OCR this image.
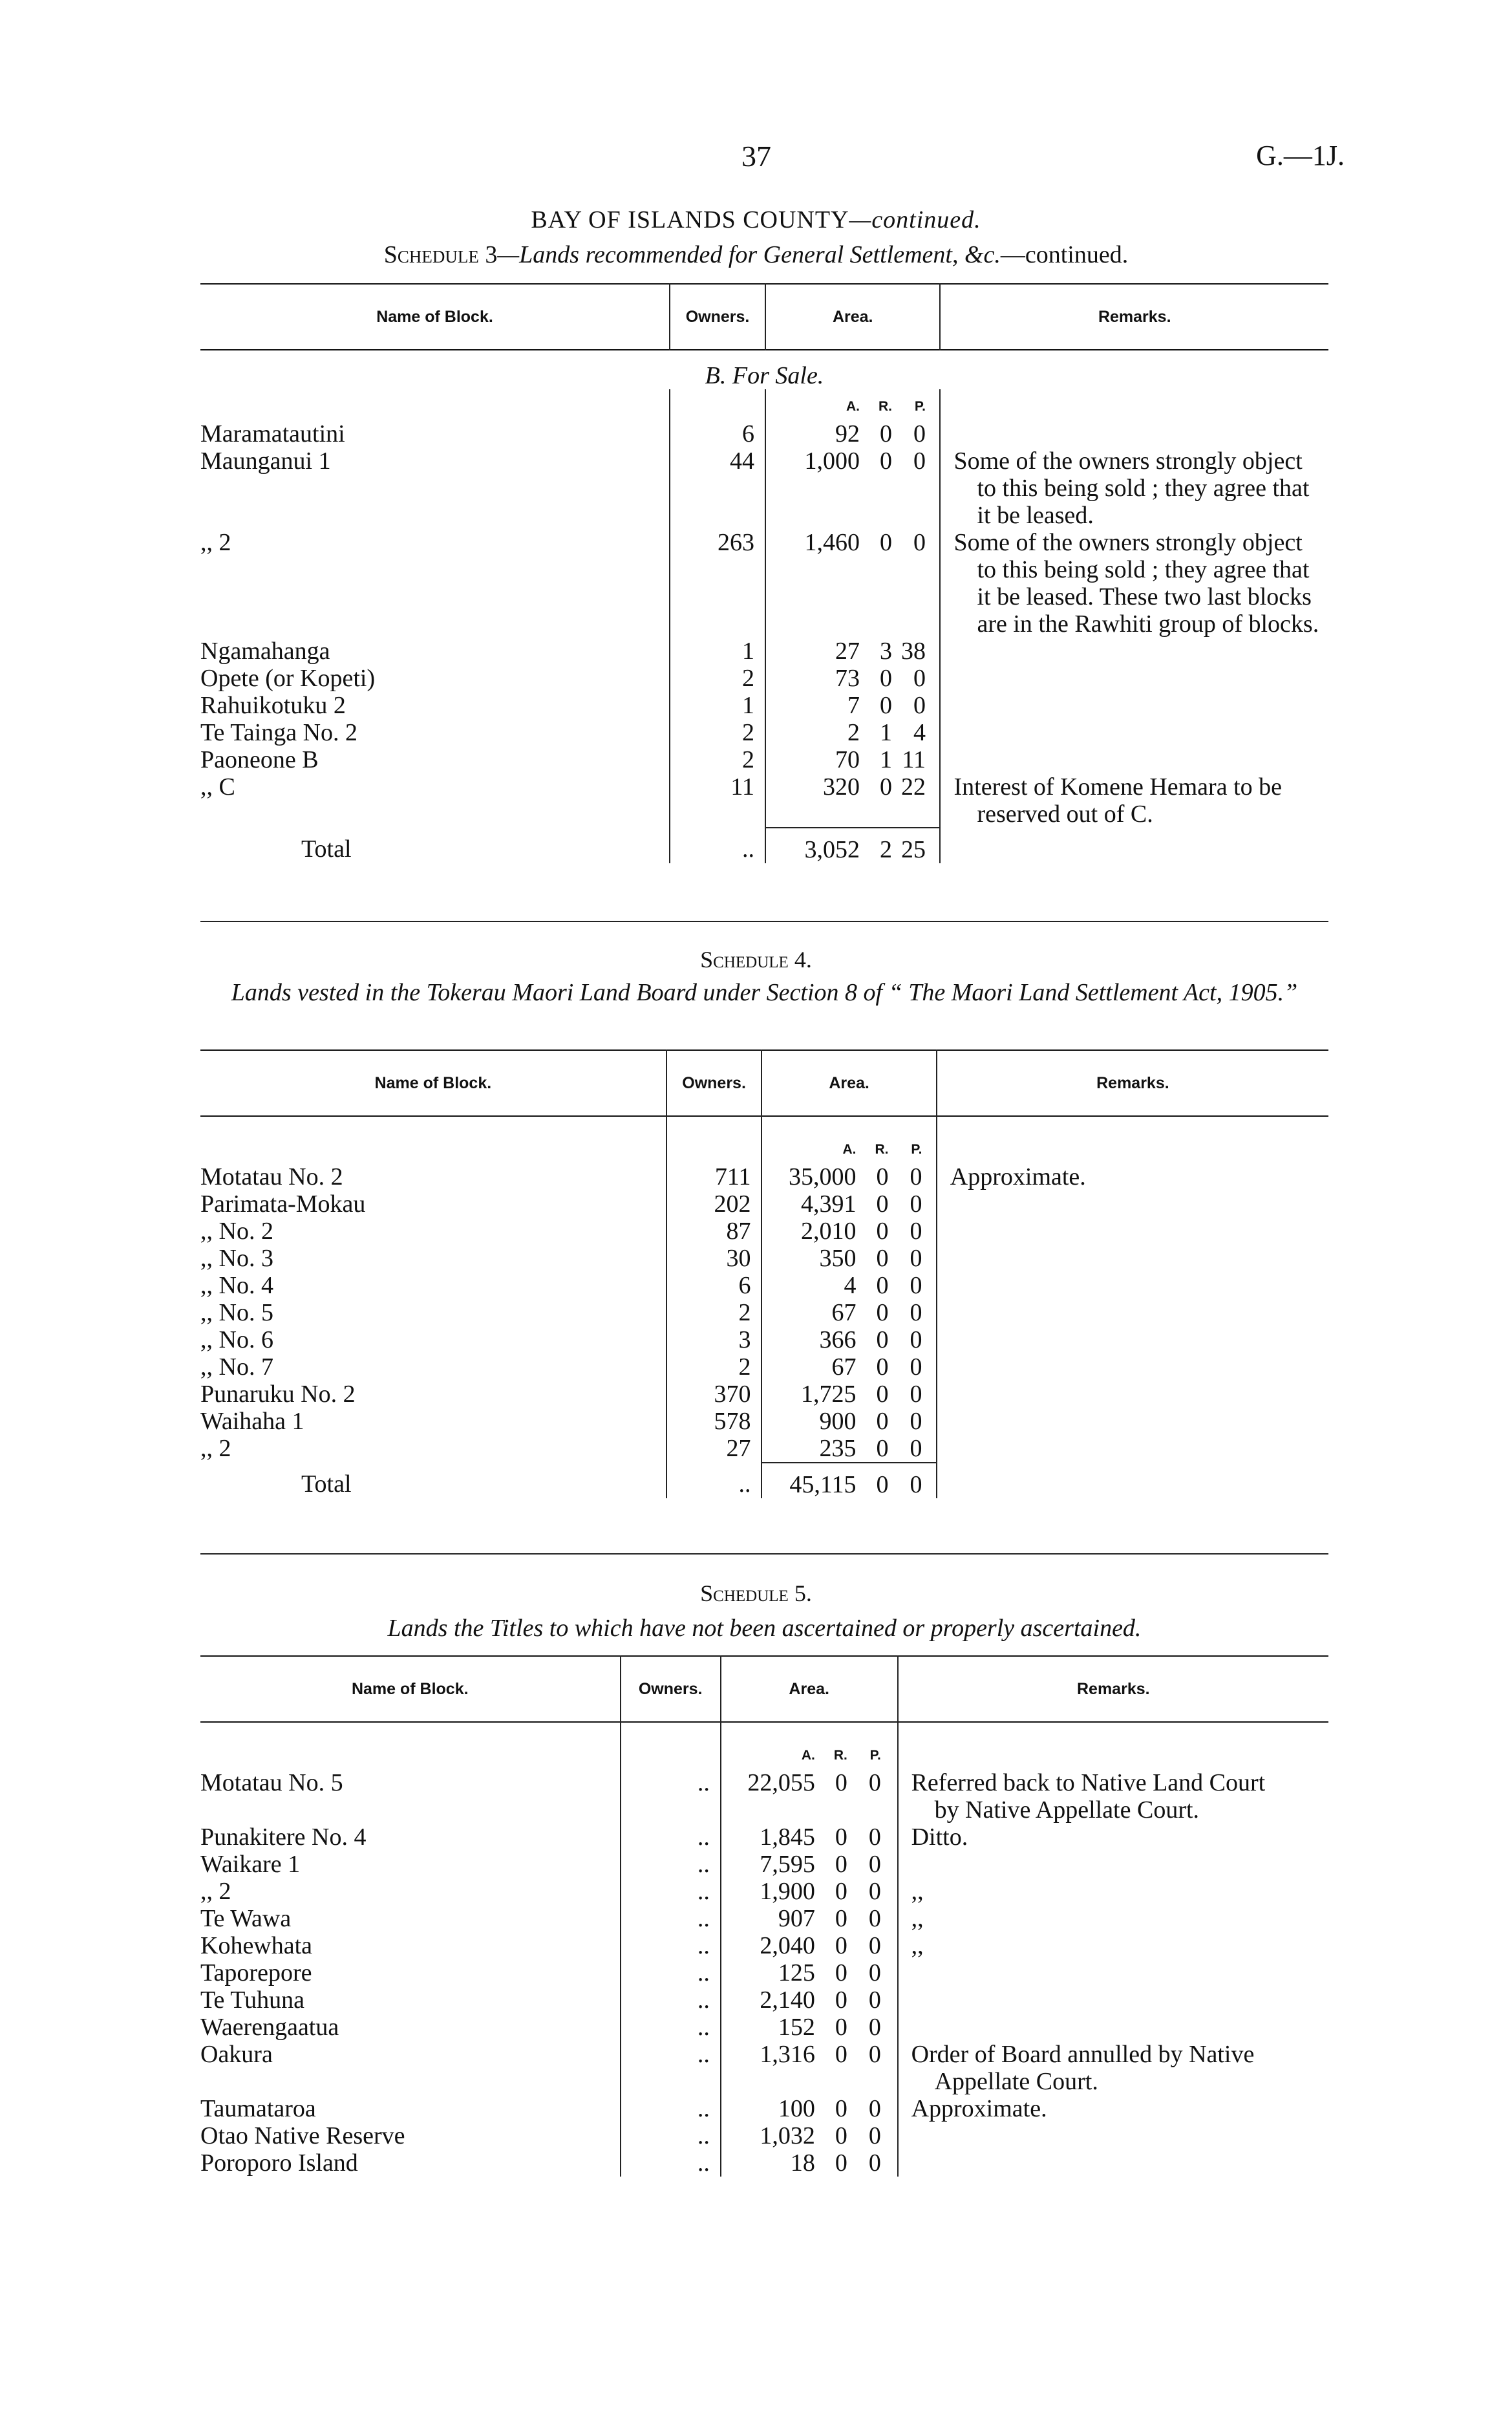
37	G.—1J.
BAY OF ISLANDS COUNTY—continued.
Schedule 3—Lands recommended for General Settlement, &c.—continued.
Name of Block.	Owners.	Area.	Remarks.
B. For Sale.			
		A. R. P.	
Maramatautini	6	92 0 0	
Maunganui 1	44	1,000 0 0	Some of the owners strongly object
to this being sold ; they agree that
it be leased.

,, 2	263	1,460 0 0	Some of the owners strongly object
to this being sold ; they agree that
it be leased. These two last blocks
are in the Rawhiti group of blocks.

Ngamahanga	1	27 3 38	
Opete (or Kopeti)	2	73 0 0	
Rahuikotuku 2	1	7 0 0	
Te Tainga No. 2	2	2 1 4	
Paoneone B	2	70 1 11	
,, C	11	320 0 22	Interest of Komene Hemara to be
reserved out of C.

Total	..	3,052 2 25	
Schedule 4.
Lands vested in the Tokerau Maori Land Board under Section 8 of “ The Maori Land Settlement Act, 1905.”
Name of Block.	Owners.	Area.	Remarks.
		A. R. P.	
Motatau No. 2	711	35,000 0 0	Approximate.

Parimata-Mokau	202	4,391 0 0	
,, No. 2	87	2,010 0 0	
,, No. 3	30	350 0 0	
,, No. 4	6	4 0 0	
,, No. 5	2	67 0 0	
,, No. 6	3	366 0 0	
,, No. 7	2	67 0 0	
Punaruku No. 2	370	1,725 0 0	
Waihaha 1	578	900 0 0	
,, 2	27	235 0 0	
Total	..	45,115 0 0	
Schedule 5.
Lands the Titles to which have not been ascertained or properly ascertained.
Name of Block.	Owners.	Area.	Remarks.
		A. R. P.	
Motatau No. 5	..	22,055 0 0	Referred back to Native Land Court
by Native Appellate Court.

Punakitere No. 4	..	1,845 0 0	Ditto.

Waikare 1	..	7,595 0 0	
,, 2	..	1,900 0 0	,,

Te Wawa	..	907 0 0	,,

Kohewhata	..	2,040 0 0	,,

Taporepore	..	125 0 0	
Te Tuhuna	..	2,140 0 0	
Waerengaatua	..	152 0 0	
Oakura	..	1,316 0 0	Order of Board annulled by Native
Appellate Court.

Taumataroa	..	100 0 0	Approximate.

Otao Native Reserve	..	1,032 0 0	
Poroporo Island	..	18 0 0	
